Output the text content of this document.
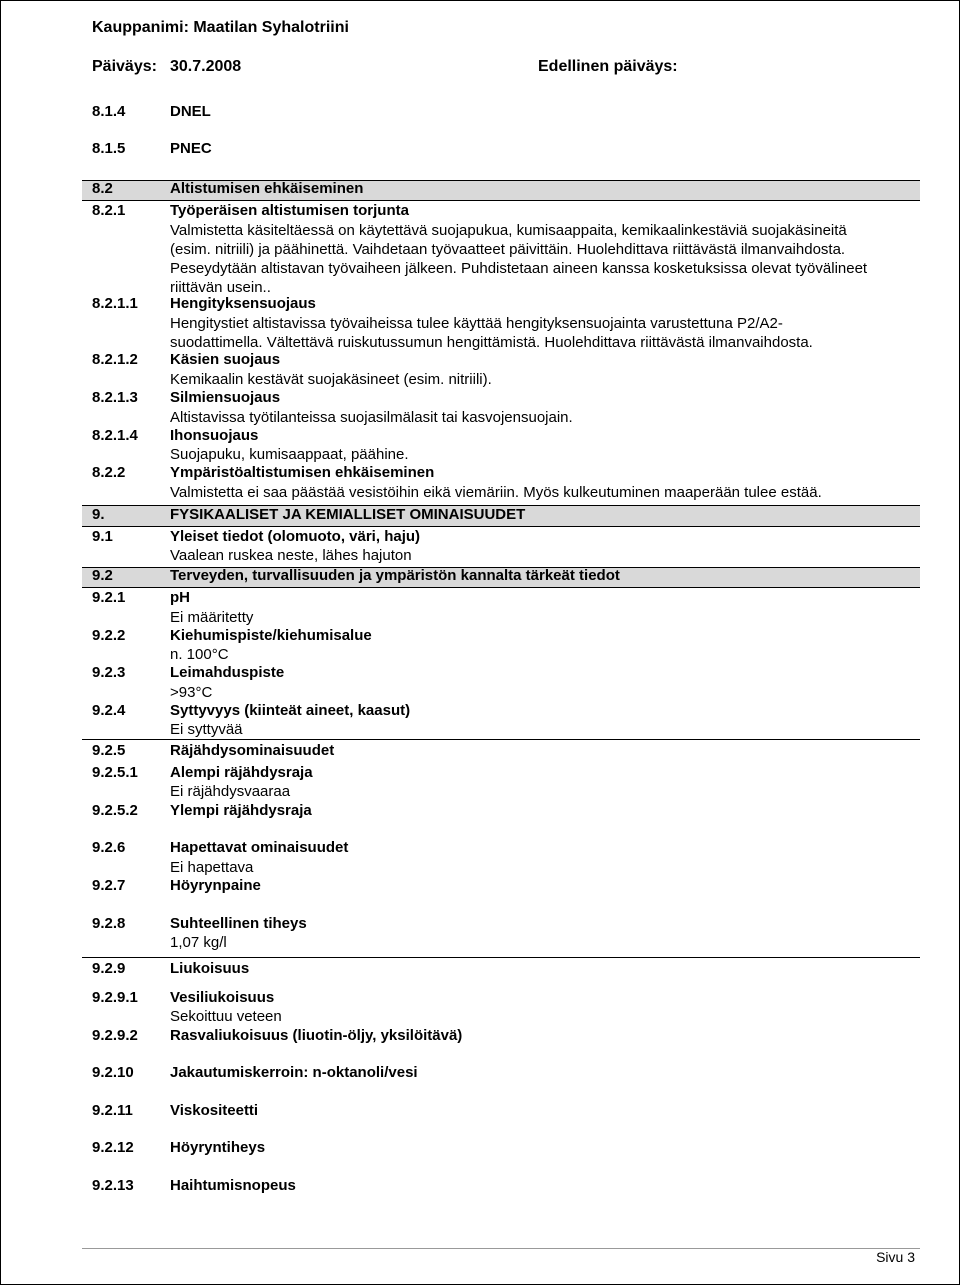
Kauppanimi: Maatilan Syhalotriini
Päiväys: 30.7.2008	Edellinen päiväys:
8.1.4	DNEL
8.1.5	PNEC
8.2	Altistumisen ehkäiseminen
8.2.1	Työperäisen altistumisen torjunta
Valmistetta käsiteltäessä on käytettävä suojapukua, kumisaappaita, kemikaalinkestäviä suojakäsineitä
(esim. nitriili) ja päähinettä. Vaihdetaan työvaatteet päivittäin. Huolehdittava riittävästä ilmanvaihdosta.
Peseydytään altistavan työvaiheen jälkeen. Puhdistetaan aineen kanssa kosketuksissa olevat työvälineet
riittävän usein..
8.2.1.1 Hengityksensuojaus
Hengitystiet altistavissa työvaiheissa tulee käyttää hengityksensuojainta varustettuna P2/A2-
suodattimella. Vältettävä ruiskutussumun hengittämistä. Huolehdittava riittävästä ilmanvaihdosta.
8.2.1.2 Käsien suojaus
Kemikaalin kestävät suojakäsineet (esim. nitriili).
8.2.1.3 Silmiensuojaus
Altistavissa työtilanteissa suojasilmälasit tai kasvojensuojain.
8.2.1.4 Ihonsuojaus
Suojapuku, kumisaappaat, päähine.
8.2.2	Ympäristöaltistumisen ehkäiseminen
Valmistetta ei saa päästää vesistöihin eikä viemäriin. Myös kulkeutuminen maaperään tulee estää.
9.	FYSIKAALISET JA KEMIALLISET OMINAISUUDET
9.1	Yleiset tiedot (olomuoto, väri, haju)
Vaalean ruskea neste, lähes hajuton
9.2	Terveyden, turvallisuuden ja ympäristön kannalta tärkeät tiedot
9.2.1	pH
Ei määritetty
9.2.2	Kiehumispiste/kiehumisalue
n. 100°C
9.2.3	Leimahduspiste
>93°C
9.2.4	Syttyvyys (kiinteät aineet, kaasut)
Ei syttyvää
9.2.5	Räjähdysominaisuudet
9.2.5.1 Alempi räjähdysraja
Ei räjähdysvaaraa
9.2.5.2 Ylempi räjähdysraja
9.2.6	Hapettavat ominaisuudet
Ei hapettava
9.2.7	Höyrynpaine
9.2.8	Suhteellinen tiheys
1,07 kg/l
9.2.9	Liukoisuus
9.2.9.1 Vesiliukoisuus
Sekoittuu veteen
9.2.9.2 Rasvaliukoisuus (liuotin-öljy, yksilöitävä)
9.2.10 Jakautumiskerroin: n-oktanoli/vesi
9.2.11 Viskositeetti
9.2.12 Höyryntiheys
9.2.13 Haihtumisnopeus
Sivu 3
